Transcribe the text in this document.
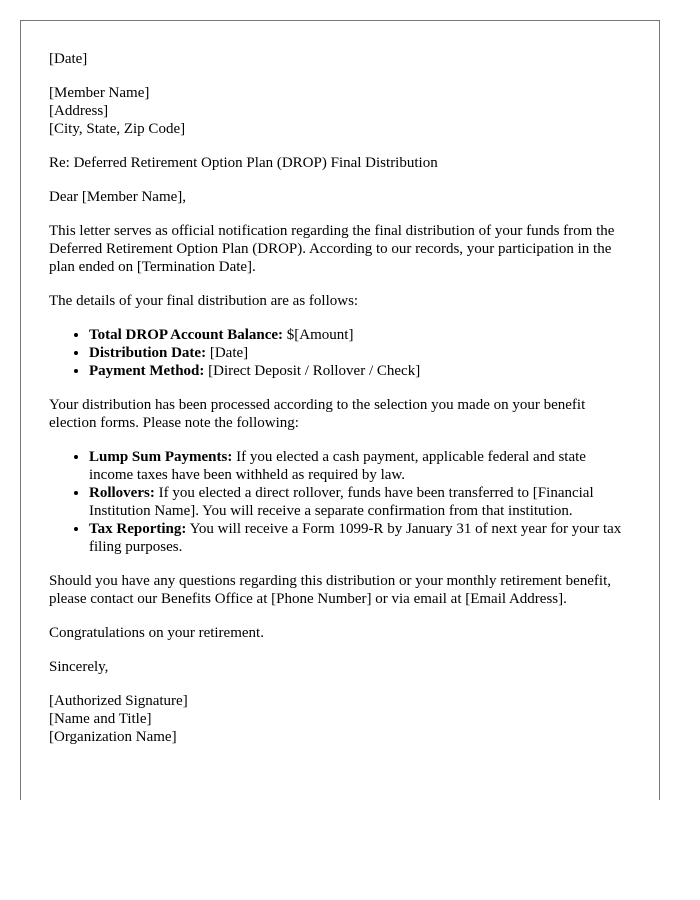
[Date]

[Member Name]
[Address]
[City, State, Zip Code]

Re: Deferred Retirement Option Plan (DROP) Final Distribution

Dear [Member Name],

This letter serves as official notification regarding the final distribution of your funds from the Deferred Retirement Option Plan (DROP). According to our records, your participation in the plan ended on [Termination Date].

The details of your final distribution are as follows:

• Total DROP Account Balance: $[Amount]
• Distribution Date: [Date]
• Payment Method: [Direct Deposit / Rollover / Check]

Your distribution has been processed according to the selection you made on your benefit election forms. Please note the following:

• Lump Sum Payments: If you elected a cash payment, applicable federal and state income taxes have been withheld as required by law.
• Rollovers: If you elected a direct rollover, funds have been transferred to [Financial Institution Name]. You will receive a separate confirmation from that institution.
• Tax Reporting: You will receive a Form 1099-R by January 31 of next year for your tax filing purposes.

Should you have any questions regarding this distribution or your monthly retirement benefit, please contact our Benefits Office at [Phone Number] or via email at [Email Address].

Congratulations on your retirement.

Sincerely,

[Authorized Signature]
[Name and Title]
[Organization Name]
